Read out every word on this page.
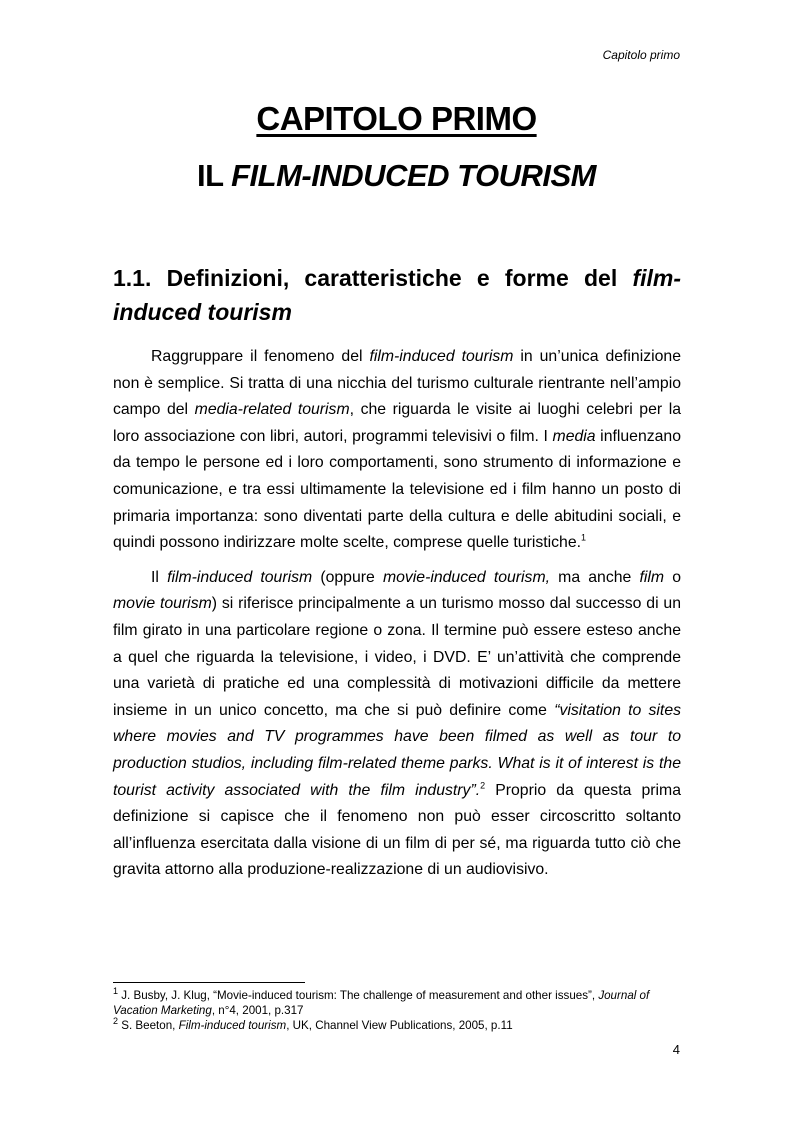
Capitolo primo
CAPITOLO PRIMO
IL FILM-INDUCED TOURISM
1.1. Definizioni, caratteristiche e forme del film-induced tourism

Raggruppare il fenomeno del film-induced tourism in un’unica definizione non è semplice. Si tratta di una nicchia del turismo culturale rientrante nell’ampio campo del media-related tourism, che riguarda le visite ai luoghi celebri per la loro associazione con libri, autori, programmi televisivi o film. I media influenzano da tempo le persone ed i loro comportamenti, sono strumento di informazione e comunicazione, e tra essi ultimamente la televisione ed i film hanno un posto di primaria importanza: sono diventati parte della cultura e delle abitudini sociali, e quindi possono indirizzare molte scelte, comprese quelle turistiche.$^1$

Il film-induced tourism (oppure movie-induced tourism, ma anche film o movie tourism) si riferisce principalmente a un turismo mosso dal successo di un film girato in una particolare regione o zona. Il termine può essere esteso anche a quel che riguarda la televisione, i video, i DVD. E’ un’attività che comprende una varietà di pratiche ed una complessità di motivazioni difficile da mettere insieme in un unico concetto, ma che si può definire come “visitation to sites where movies and TV programmes have been filmed as well as tour to production studios, including film-related theme parks. What is it of interest is the tourist activity associated with the film industry”.$^2$ Proprio da questa prima definizione si capisce che il fenomeno non può esser circoscritto soltanto all’influenza esercitata dalla visione di un film di per sé, ma riguarda tutto ciò che gravita attorno alla produzione-realizzazione di un audiovisivo.

$^1$ J. Busby, J. Klug, “Movie-induced tourism: The challenge of measurement and other issues”, Journal of Vacation Marketing, n°4, 2001, p.317
$^2$ S. Beeton, Film-induced tourism, UK, Channel View Publications, 2005, p.11
4
